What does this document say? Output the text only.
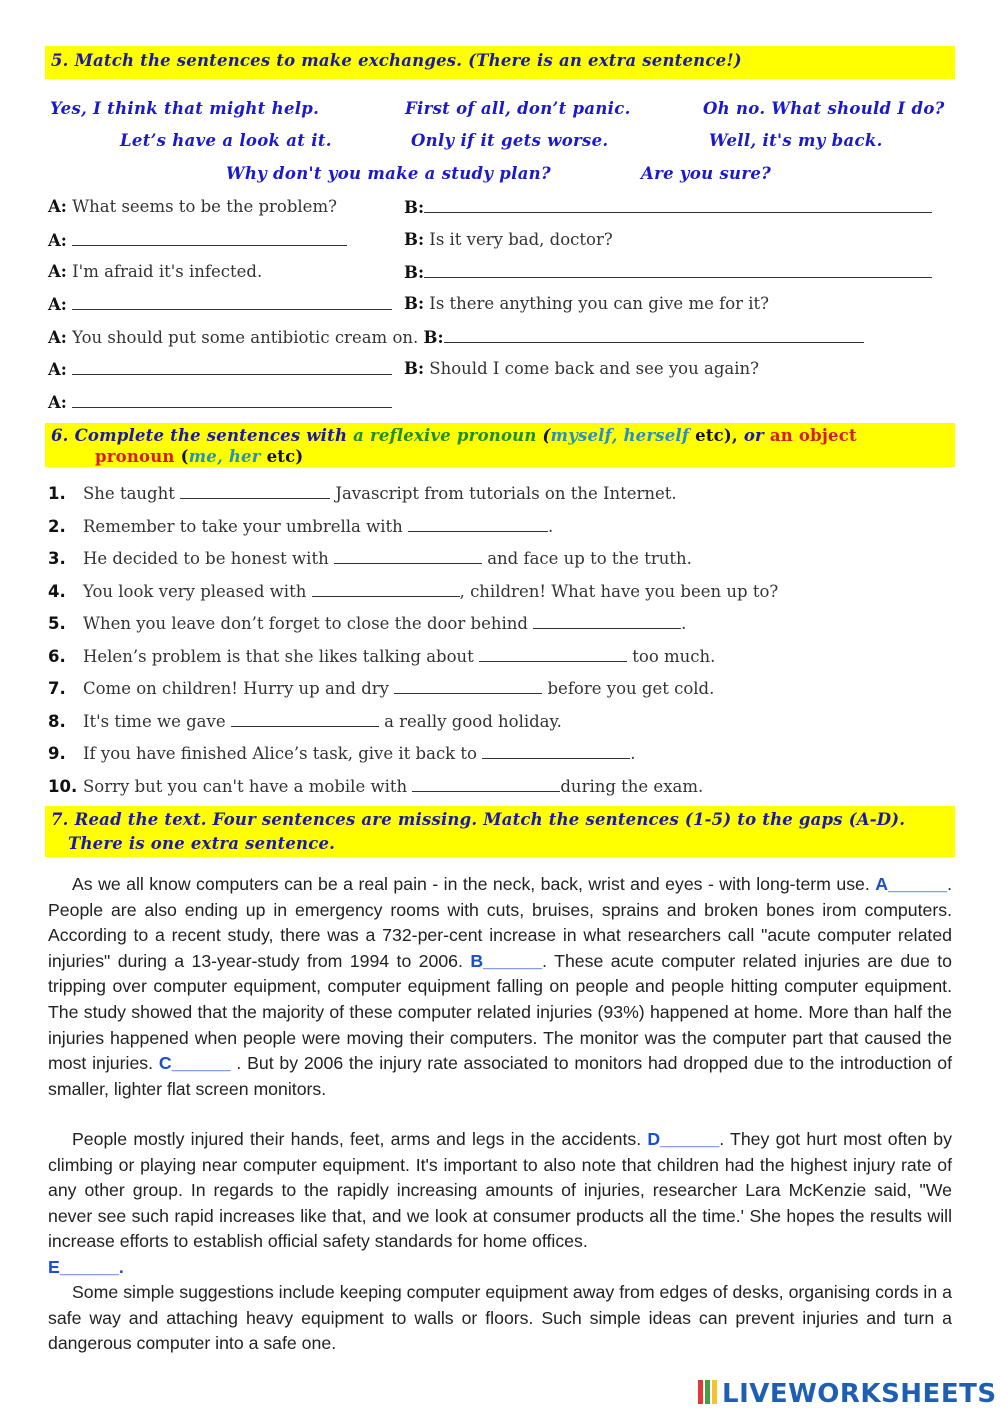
5. Match the sentences to make exchanges. (There is an extra sentence!)
Yes, I think that might help.	First of all, don’t panic.	Oh no. What should I do?
Let’s have a look at it.	Only if it gets worse.	Well, it's my back.
Why don't you make a study plan?	Are you sure?
A: What seems to be the problem?	B:
A:	B: Is it very bad, doctor?
A: I'm afraid it's infected.	B:
A:	B: Is there anything you can give me for it?
A: You should put some antibiotic cream on. B:
A:	B: Should I come back and see you again?
A:
6. Complete the sentences with a reflexive pronoun (myself, herself etc), or an object
pronoun (me, her etc)
1. She taught	Javascript from tutorials on the Internet.
2. Remember to take your umbrella with	.
3. He decided to be honest with	and face up to the truth.
4. You look very pleased with	, children! What have you been up to?
5. When you leave don’t forget to close the door behind	.
6. Helen’s problem is that she likes talking about	too much.
7. Come on children! Hurry up and dry	before you get cold.
8. It's time we gave	a really good holiday.
9. If you have finished Alice’s task, give it back to	.
10. Sorry but you can't have a mobile with	during the exam.
7. Read the text. Four sentences are missing. Match the sentences (1-5) to the gaps (A-D).
There is one extra sentence.

As we all know computers can be a real pain - in the neck, back, wrist and eyes - with long-term use. A______. People are also ending up in emergency rooms with cuts, bruises, sprains and broken bones irom computers. According to a recent study, there was a 732-per-cent increase in what researchers call "acute computer related injuries" during a 13-year-study from 1994 to 2006. B______. These acute computer related injuries are due to tripping over computer equipment, computer equipment falling on people and people hitting computer equipment. The study showed that the majority of these computer related injuries (93%) happened at home. More than half the injuries happened when people were moving their computers. The monitor was the computer part that caused the most injuries. C______ . But by 2006 the injury rate associated to monitors had dropped due to the introduction of smaller, lighter flat screen monitors.

People mostly injured their hands, feet, arms and legs in the accidents. D______. They got hurt most often by climbing or playing near computer equipment. It's important to also note that children had the highest injury rate of any other group. In regards to the rapidly increasing amounts of injuries, researcher Lara McKenzie said, "We never see such rapid increases like that, and we look at consumer products all the time.' She hopes the results will increase efforts to establish official safety standards for home offices.
E______.

Some simple suggestions include keeping computer equipment away from edges of desks, organising cords in a safe way and attaching heavy equipment to walls or floors. Such simple ideas can prevent injuries and turn a dangerous computer into a safe one.

LIVEWORKSHEETS
